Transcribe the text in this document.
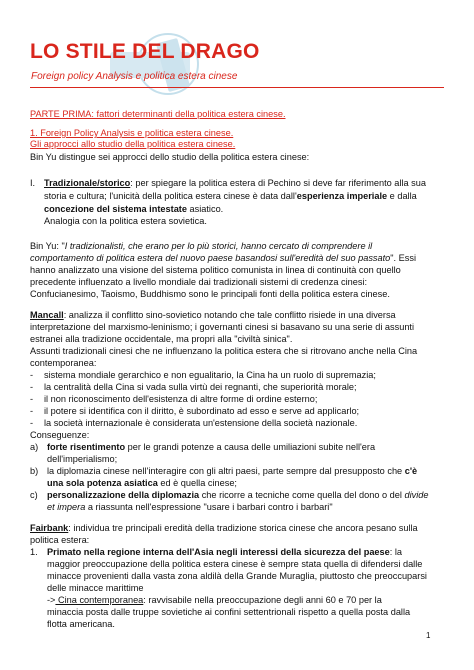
LO STILE DEL DRAGO
Foreign policy Analysis e politica estera cinese
PARTE PRIMA: fattori determinanti della politica estera cinese.
1. Foreign Policy Analysis e politica estera cinese.
Gli approcci allo studio della politica estera cinese.
Bin Yu distingue sei approcci dello studio della politica estera cinese:
I. Tradizionale/storico: per spiegare la politica estera di Pechino si deve far riferimento alla sua
storia e cultura; l'unicità della politica estera cinese è data dall'esperienza imperiale e dalla
concezione del sistema intestate asiatico.
Analogia con la politica estera sovietica.
Bin Yu: "I tradizionalisti, che erano per lo più storici, hanno cercato di comprendere il
comportamento di politica estera del nuovo paese basandosi sull'eredità del suo passato". Essi
hanno analizzato una visione del sistema politico comunista in linea di continuità con quello
precedente influenzato a livello mondiale dai tradizionali sistemi di credenza cinesi:
Confucianesimo, Taoismo, Buddhismo sono le principali fonti della politica estera cinese.
Mancall: analizza il conflitto sino-sovietico notando che tale conflitto risiede in una diversa
interpretazione del marxismo-leninismo; i governanti cinesi si basavano su una serie di assunti
estranei alla tradizione occidentale, ma propri alla "civiltà sinica".
Assunti tradizionali cinesi che ne influenzano la politica estera che si ritrovano anche nella Cina
contemporanea:
- sistema mondiale gerarchico e non egualitario, la Cina ha un ruolo di supremazia;
- la centralità della Cina si vada sulla virtù dei regnanti, che superiorità morale;
- il non riconoscimento dell'esistenza di altre forme di ordine esterno;
- il potere si identifica con il diritto, è subordinato ad esso e serve ad applicarlo;
- la società internazionale è considerata un'estensione della società nazionale.
Conseguenze:
a) forte risentimento per le grandi potenze a causa delle umiliazioni subite nell'era
dell'imperialismo;
b) la diplomazia cinese nell'interagire con gli altri paesi, parte sempre dal presupposto che c'è
una sola potenza asiatica ed è quella cinese;
c) personalizzazione della diplomazia che ricorre a tecniche come quella del dono o del divide
et impera a riassunta nell'espressione "usare i barbari contro i barbari"
Fairbank: individua tre principali eredità della tradizione storica cinese che ancora pesano sulla
politica estera:
1. Primato nella regione interna dell'Asia negli interessi della sicurezza del paese: la
maggior preoccupazione della politica estera cinese è sempre stata quella di difendersi dalle
minacce provenienti dalla vasta zona aldilà della Grande Muraglia, piuttosto che preoccuparsi
delle minacce marittime
-> Cina contemporanea: ravvisabile nella preoccupazione degli anni 60 e 70 per la
minaccia posta dalle truppe sovietiche ai confini settentrionali rispetto a quella posta dalla
flotta americana.
1
